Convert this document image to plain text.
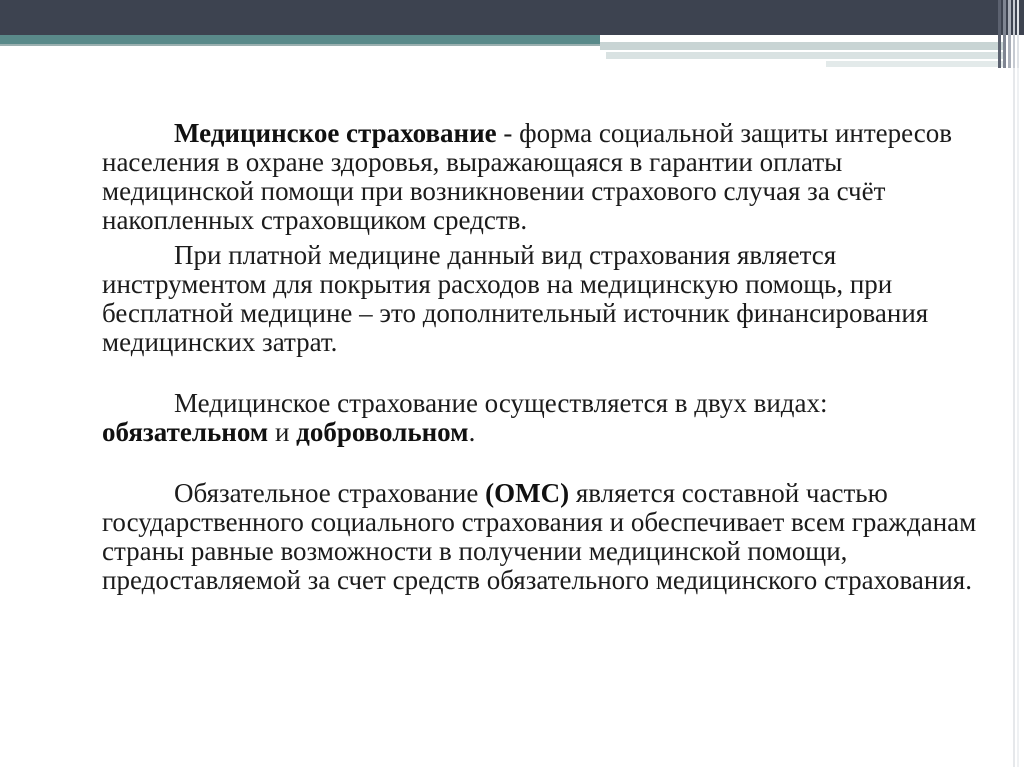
Медицинское страхование - форма социальной защиты интересов населения в охране здоровья, выражающаяся в гарантии оплаты медицинской помощи при возникновении страхового случая за счёт накопленных страховщиком средств.

При платной медицине данный вид страхования является инструментом для покрытия расходов на медицинскую помощь, при бесплатной медицине – это дополнительный источник финансирования медицинских затрат.

Медицинское страхование осуществляется в двух видах: обязательном и добровольном.

Обязательное страхование (ОМС) является составной частью государственного социального страхования и обеспечивает всем гражданам страны равные возможности в получении медицинской помощи, предоставляемой за счет средств обязательного медицинского страхования.
